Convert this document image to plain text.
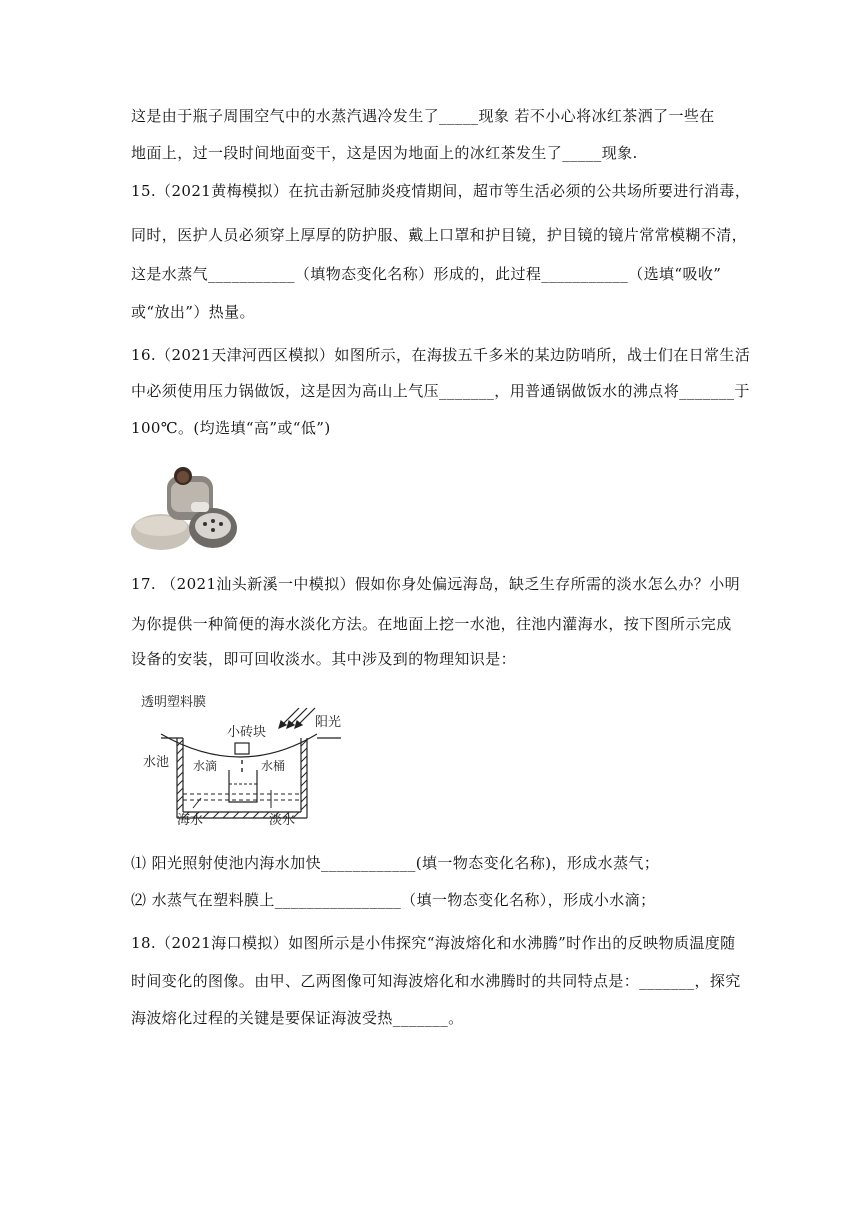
这是由于瓶子周围空气中的水蒸汽遇冷发生了_____现象 若不小心将冰红茶洒了一些在
地面上，过一段时间地面变干，这是因为地面上的冰红茶发生了_____现象.
15.（2021黄梅模拟）在抗击新冠肺炎疫情期间，超市等生活必须的公共场所要进行消毒，
同时，医护人员必须穿上厚厚的防护服、戴上口罩和护目镜，护目镜的镜片常常模糊不清，
这是水蒸气___________（填物态变化名称）形成的，此过程___________（选填“吸收”
或“放出”）热量。
16.（2021天津河西区模拟）如图所示，在海拔五千多米的某边防哨所，战士们在日常生活
中必须使用压力锅做饭，这是因为高山上气压_______，用普通锅做饭水的沸点将_______于
100℃。(均选填“高”或“低”)
17. （2021汕头新溪一中模拟）假如你身处偏远海岛，缺乏生存所需的淡水怎么办？小明
为你提供一种简便的海水淡化方法。在地面上挖一水池，往池内灌海水，按下图所示完成
设备的安装，即可回收淡水。其中涉及到的物理知识是：
透明塑料膜
小砖块
阳光
水池 水滴	水桶
海水	淡水
⑴ 阳光照射使池内海水加快____________(填一物态变化名称)，形成水蒸气；
⑵ 水蒸气在塑料膜上________________（填一物态变化名称），形成小水滴；
18.（2021海口模拟）如图所示是小伟探究“海波熔化和水沸腾”时作出的反映物质温度随
时间变化的图像。由甲、乙两图像可知海波熔化和水沸腾时的共同特点是：_______，探究
海波熔化过程的关键是要保证海波受热_______。
